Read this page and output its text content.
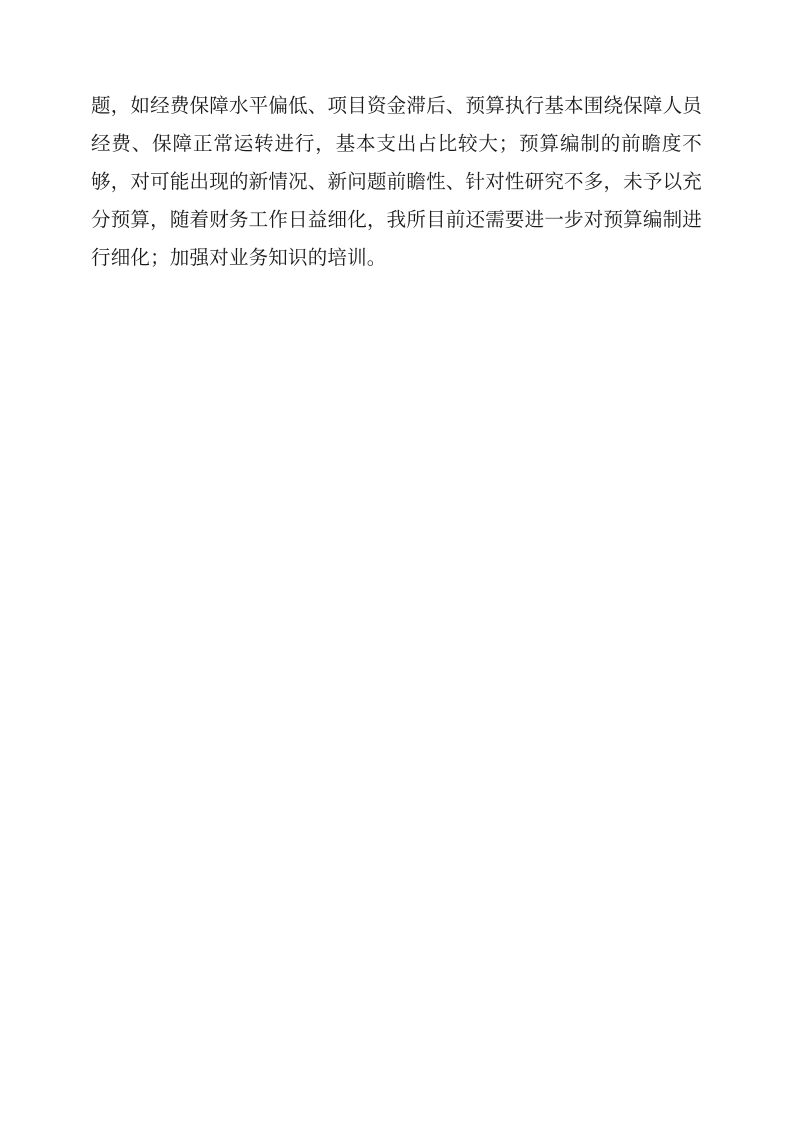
题，如经费保障水平偏低、项目资金滞后、预算执行基本围绕保障人员经费、保障正常运转进行，基本支出占比较大；预算编制的前瞻度不够，对可能出现的新情况、新问题前瞻性、针对性研究不多，未予以充分预算，随着财务工作日益细化，我所目前还需要进一步对预算编制进行细化；加强对业务知识的培训。
